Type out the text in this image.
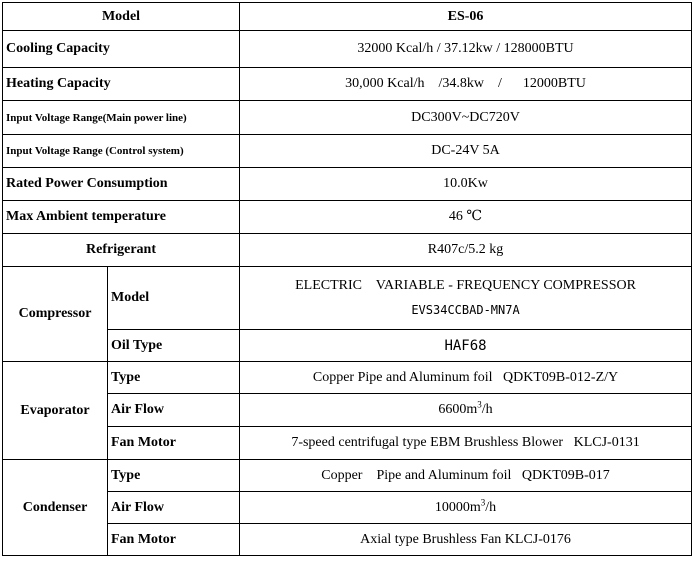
Model		ES-06
Cooling Capacity		32000 Kcal/h / 37.12kw / 128000BTU
Heating Capacity		30,000 Kcal/h    /34.8kw    /      12000BTU
Input Voltage Range(Main power line)		DC300V~DC720V
Input Voltage Range (Control system)		DC-24V 5A
Rated Power Consumption		10.0Kw
Max Ambient temperature		46 ℃
Refrigerant		R407c/5.2 kg
Compressor	Model	ELECTRIC    VARIABLE - FREQUENCY COMPRESSOR
EVS34CCBAD-MN7A

	Oil Type	HAF68
Evaporator	Type	Copper Pipe and Aluminum foil   QDKT09B-012-Z/Y
	Air Flow	$6600m^3/h$
	Fan Motor	7-speed centrifugal type EBM Brushless Blower   KLCJ-0131
Condenser	Type	Copper    Pipe and Aluminum foil   QDKT09B-017
	Air Flow	$10000m^3/h$
	Fan Motor	Axial type Brushless Fan KLCJ-0176
